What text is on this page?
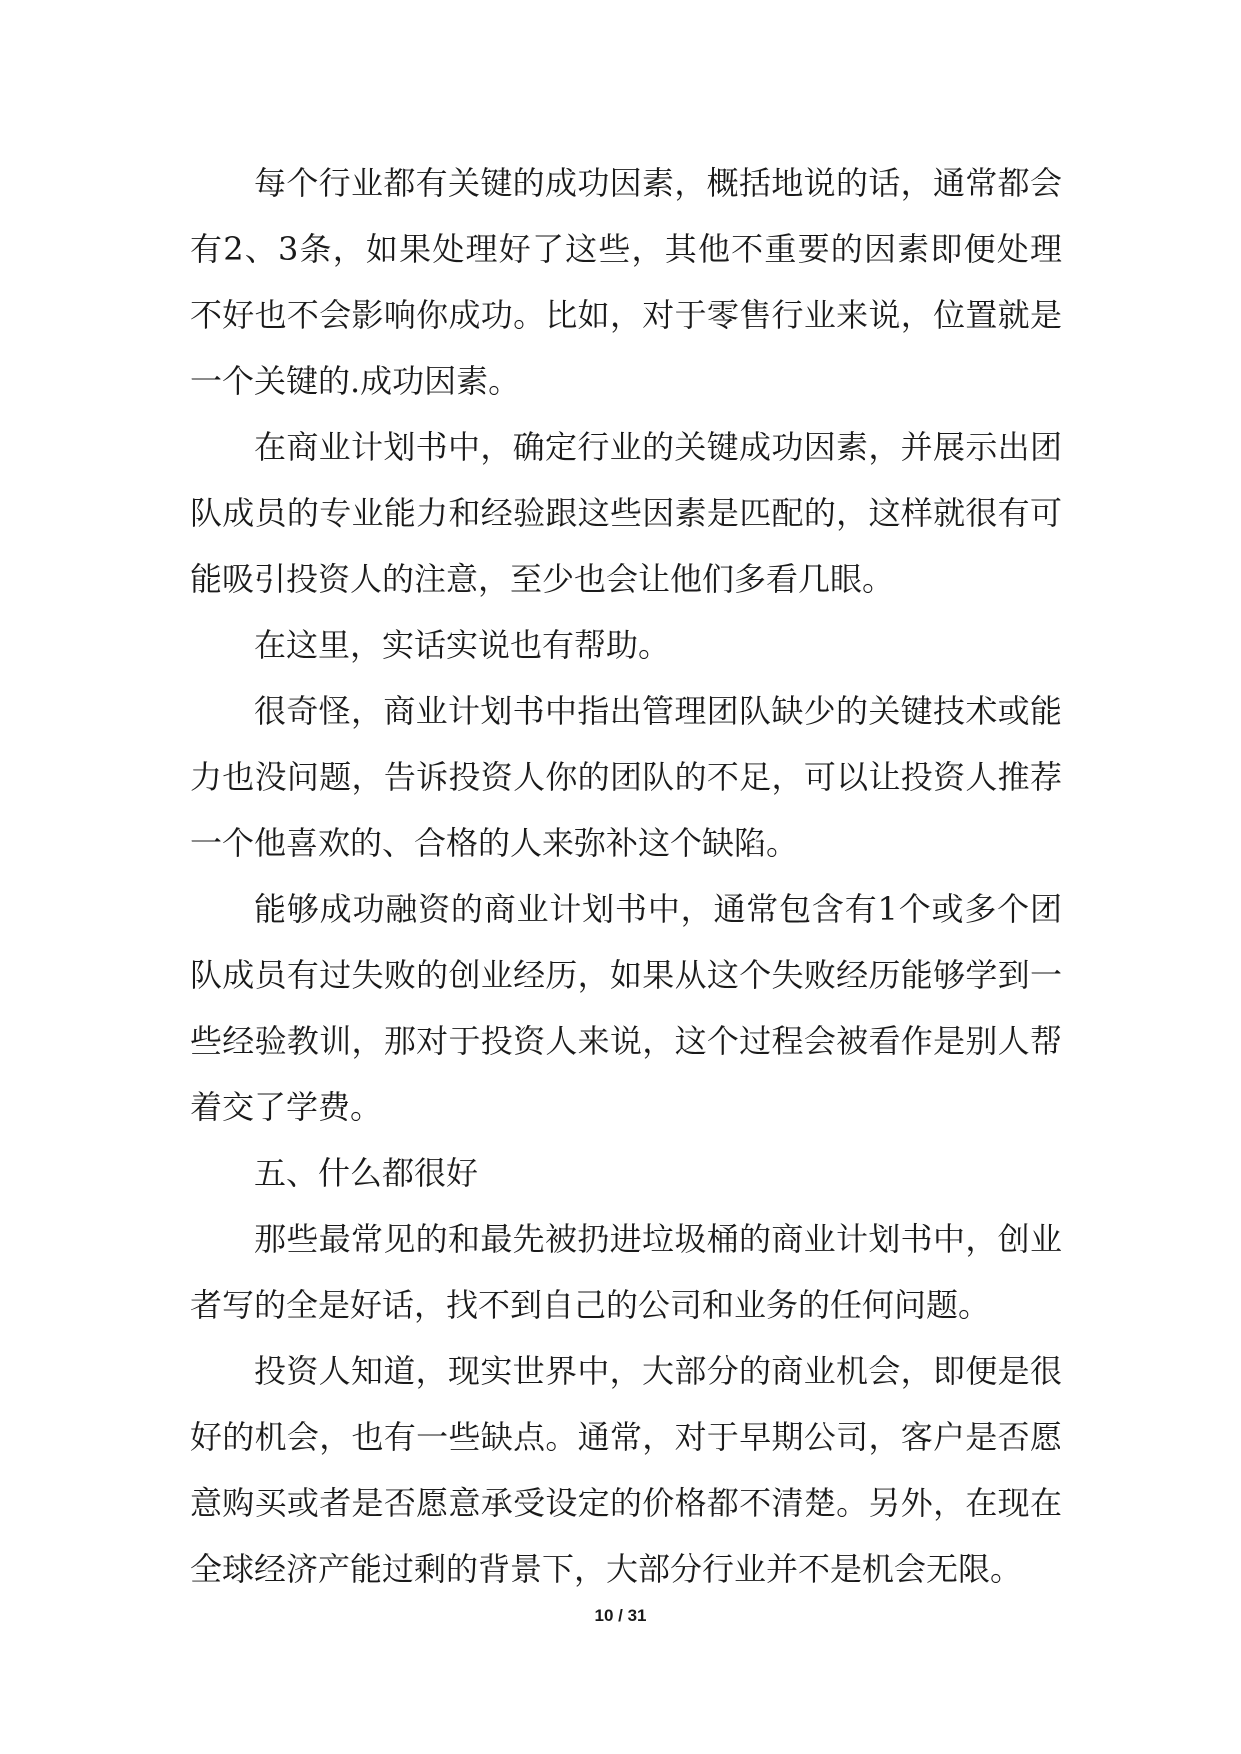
每个行业都有关键的成功因素，概括地说的话，通常都会有2、3条，如果处理好了这些，其他不重要的因素即便处理不好也不会影响你成功。比如，对于零售行业来说，位置就是一个关键的.成功因素。

在商业计划书中，确定行业的关键成功因素，并展示出团队成员的专业能力和经验跟这些因素是匹配的，这样就很有可能吸引投资人的注意，至少也会让他们多看几眼。

在这里，实话实说也有帮助。

很奇怪，商业计划书中指出管理团队缺少的关键技术或能力也没问题，告诉投资人你的团队的不足，可以让投资人推荐一个他喜欢的、合格的人来弥补这个缺陷。

能够成功融资的商业计划书中，通常包含有1个或多个团队成员有过失败的创业经历，如果从这个失败经历能够学到一些经验教训，那对于投资人来说，这个过程会被看作是别人帮着交了学费。

五、什么都很好

那些最常见的和最先被扔进垃圾桶的商业计划书中，创业者写的全是好话，找不到自己的公司和业务的任何问题。

投资人知道，现实世界中，大部分的商业机会，即便是很好的机会，也有一些缺点。通常，对于早期公司，客户是否愿意购买或者是否愿意承受设定的价格都不清楚。另外，在现在全球经济产能过剩的背景下，大部分行业并不是机会无限。

10 / 31
